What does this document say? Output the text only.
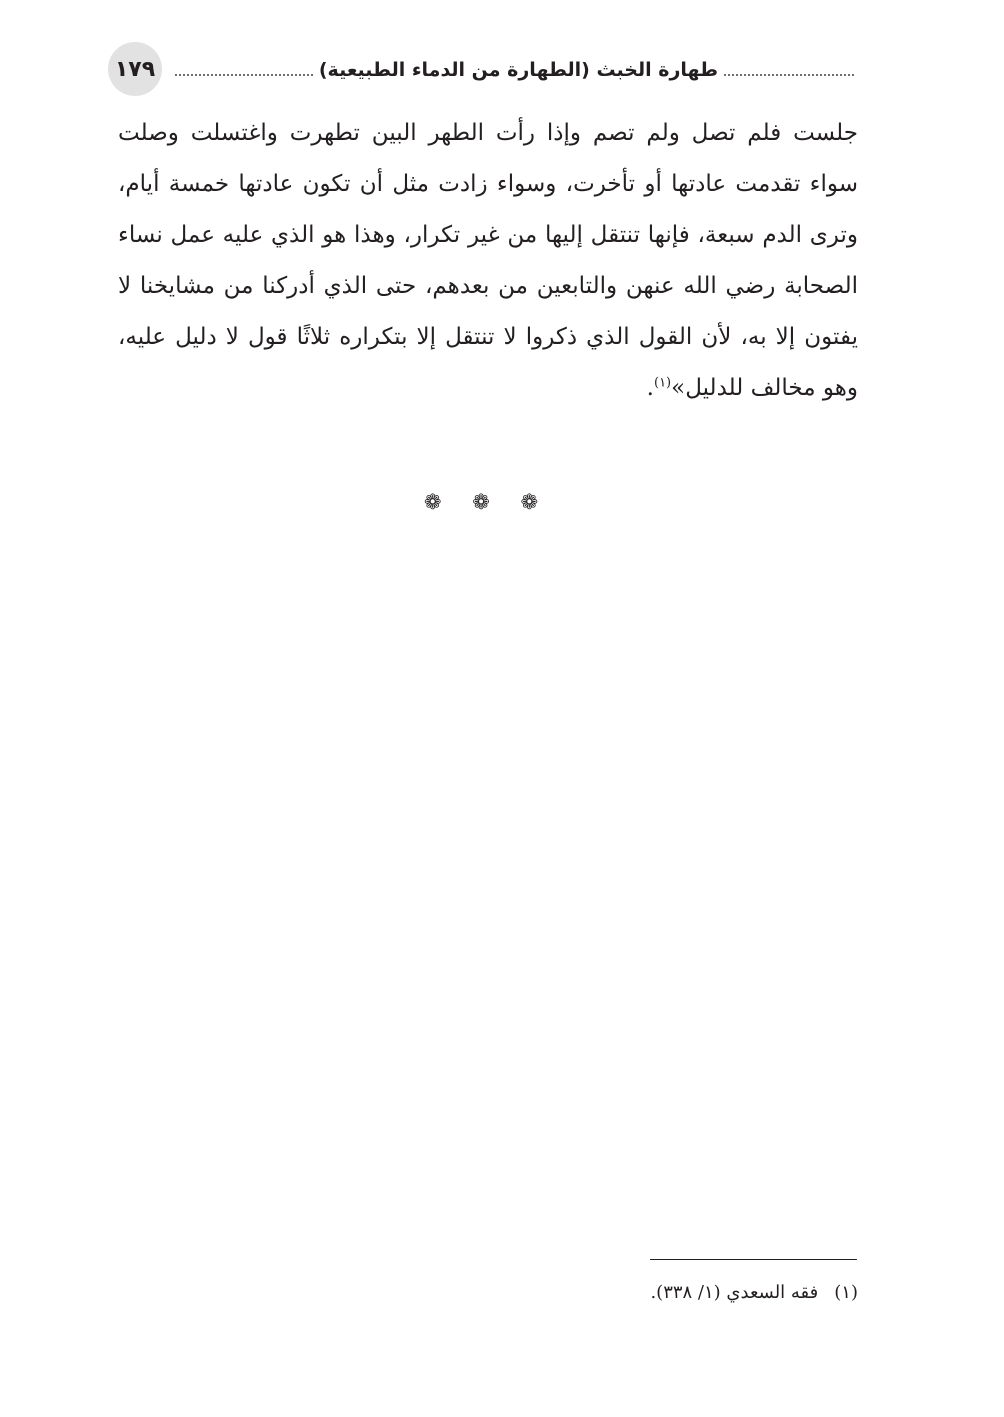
١٧٩	طهارة الخبث (الطهارة من الدماء الطبيعية)

جلست فلم تصل ولم تصم وإذا رأت الطهر البين تطهرت واغتسلت وصلت سواء تقدمت عادتها أو تأخرت، وسواء زادت مثل أن تكون عادتها خمسة أيام، وترى الدم سبعة، فإنها تنتقل إليها من غير تكرار، وهذا هو الذي عليه عمل نساء الصحابة رضي الله عنهن والتابعين من بعدهم، حتى الذي أدركنا من مشايخنا لا يفتون إلا به، لأن القول الذي ذكروا لا تنتقل إلا بتكراره ثلاثًا قول لا دليل عليه، وهو مخالف للدليل»$^{(١)}$.

❁ ❁ ❁
(١)فقه السعدي (١/ ٣٣٨).
